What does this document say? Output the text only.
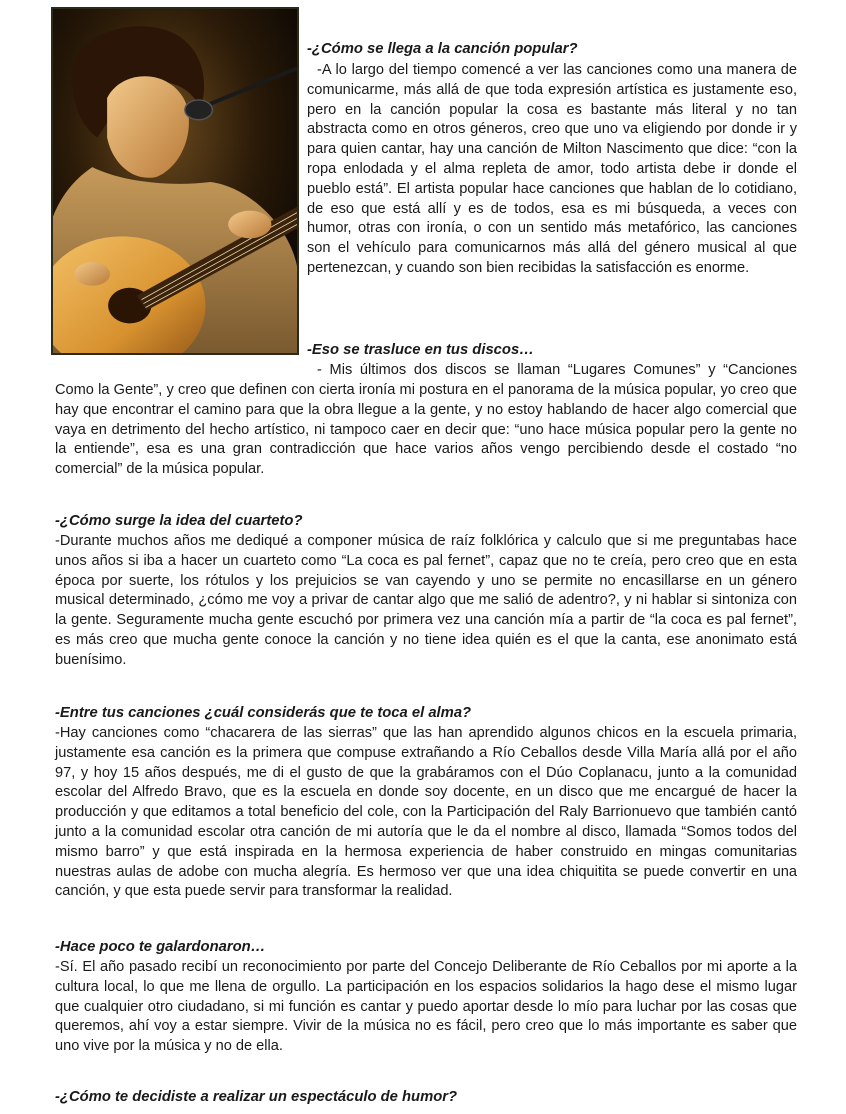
-¿Cómo se llega a la canción popular?

-A lo largo del tiempo comencé a ver las canciones como una manera de comunicarme, más allá de que toda expresión artística es justamente eso, pero en la canción popular la cosa es bastante más literal y no tan abstracta como en otros géneros, creo que uno va eligiendo por donde ir y para quien cantar, hay una canción de Milton Nascimento que dice: “con la ropa enlodada y el alma repleta de amor, todo artista debe ir donde el pueblo está”. El artista popular hace canciones que hablan de lo cotidiano, de eso que está allí y es de todos, esa es mi búsqueda, a veces con humor, otras con ironía, o con un sentido más metafórico, las canciones son el vehículo para comunicarnos más allá del género musical al que pertenezcan, y cuando son bien recibidas la satisfacción es enorme.

-Eso se trasluce en tus discos…

- Mis últimos dos discos se llaman “Lugares Comunes” y “Canciones

Como la Gente”, y creo que definen con cierta ironía mi postura en el panorama de la música popular, yo creo que hay que encontrar el camino para que la obra llegue a la gente, y no estoy hablando de hacer algo comercial que vaya en detrimento del hecho artístico, ni tampoco caer en decir que: “uno hace música popular pero la gente no la entiende”, esa es una gran contradicción que hace varios años vengo percibiendo desde el costado “no comercial” de la música popular.

-¿Cómo surge la idea del cuarteto?

-Durante muchos años me dediqué a componer música de raíz folklórica y calculo que si me preguntabas hace unos años si iba a hacer un cuarteto como “La coca es pal fernet”, capaz que no te creía, pero creo que en esta época por suerte, los rótulos y los prejuicios se van cayendo y uno se permite no encasillarse en un género musical determinado, ¿cómo me voy a privar de cantar algo que me salió de adentro?, y ni hablar si sintoniza con la gente. Seguramente mucha gente escuchó por primera vez una canción mía a partir de “la coca es pal fernet”, es más creo que mucha gente conoce la canción y no tiene idea quién es el que la canta, ese anonimato está buenísimo.

-Entre tus canciones ¿cuál considerás que te toca el alma?

-Hay canciones como “chacarera de las sierras” que las han aprendido algunos chicos en la escuela primaria, justamente esa canción es la primera que compuse extrañando a Río Ceballos desde Villa María allá por el año 97, y hoy 15 años después, me di el gusto de que la grabáramos con el Dúo Coplanacu, junto a la comunidad escolar del Alfredo Bravo, que es la escuela en donde soy docente, en un disco que me encargué de hacer la producción y que editamos a total beneficio del cole, con la Participación del Raly Barrionuevo que también cantó junto a la comunidad escolar otra canción de mi autoría que le da el nombre al disco, llamada “Somos todos del mismo barro” y que está inspirada en la hermosa experiencia de haber construido en mingas comunitarias nuestras aulas de adobe con mucha alegría. Es hermoso ver que una idea chiquitita se puede convertir en una canción, y que esta puede servir para transformar la realidad.

-Hace poco te galardonaron…

-Sí. El año pasado recibí un reconocimiento por parte del Concejo Deliberante de Río Ceballos por mi aporte a la cultura local, lo que me llena de orgullo. La participación en los espacios solidarios la hago dese el mismo lugar que cualquier otro ciudadano, si mi función es cantar y puedo aportar desde lo mío para luchar por las cosas que queremos, ahí voy a estar siempre. Vivir de la música no es fácil, pero creo que lo más importante es saber que uno vive por la música y no de ella.

-¿Cómo te decidiste a realizar un espectáculo de humor?
